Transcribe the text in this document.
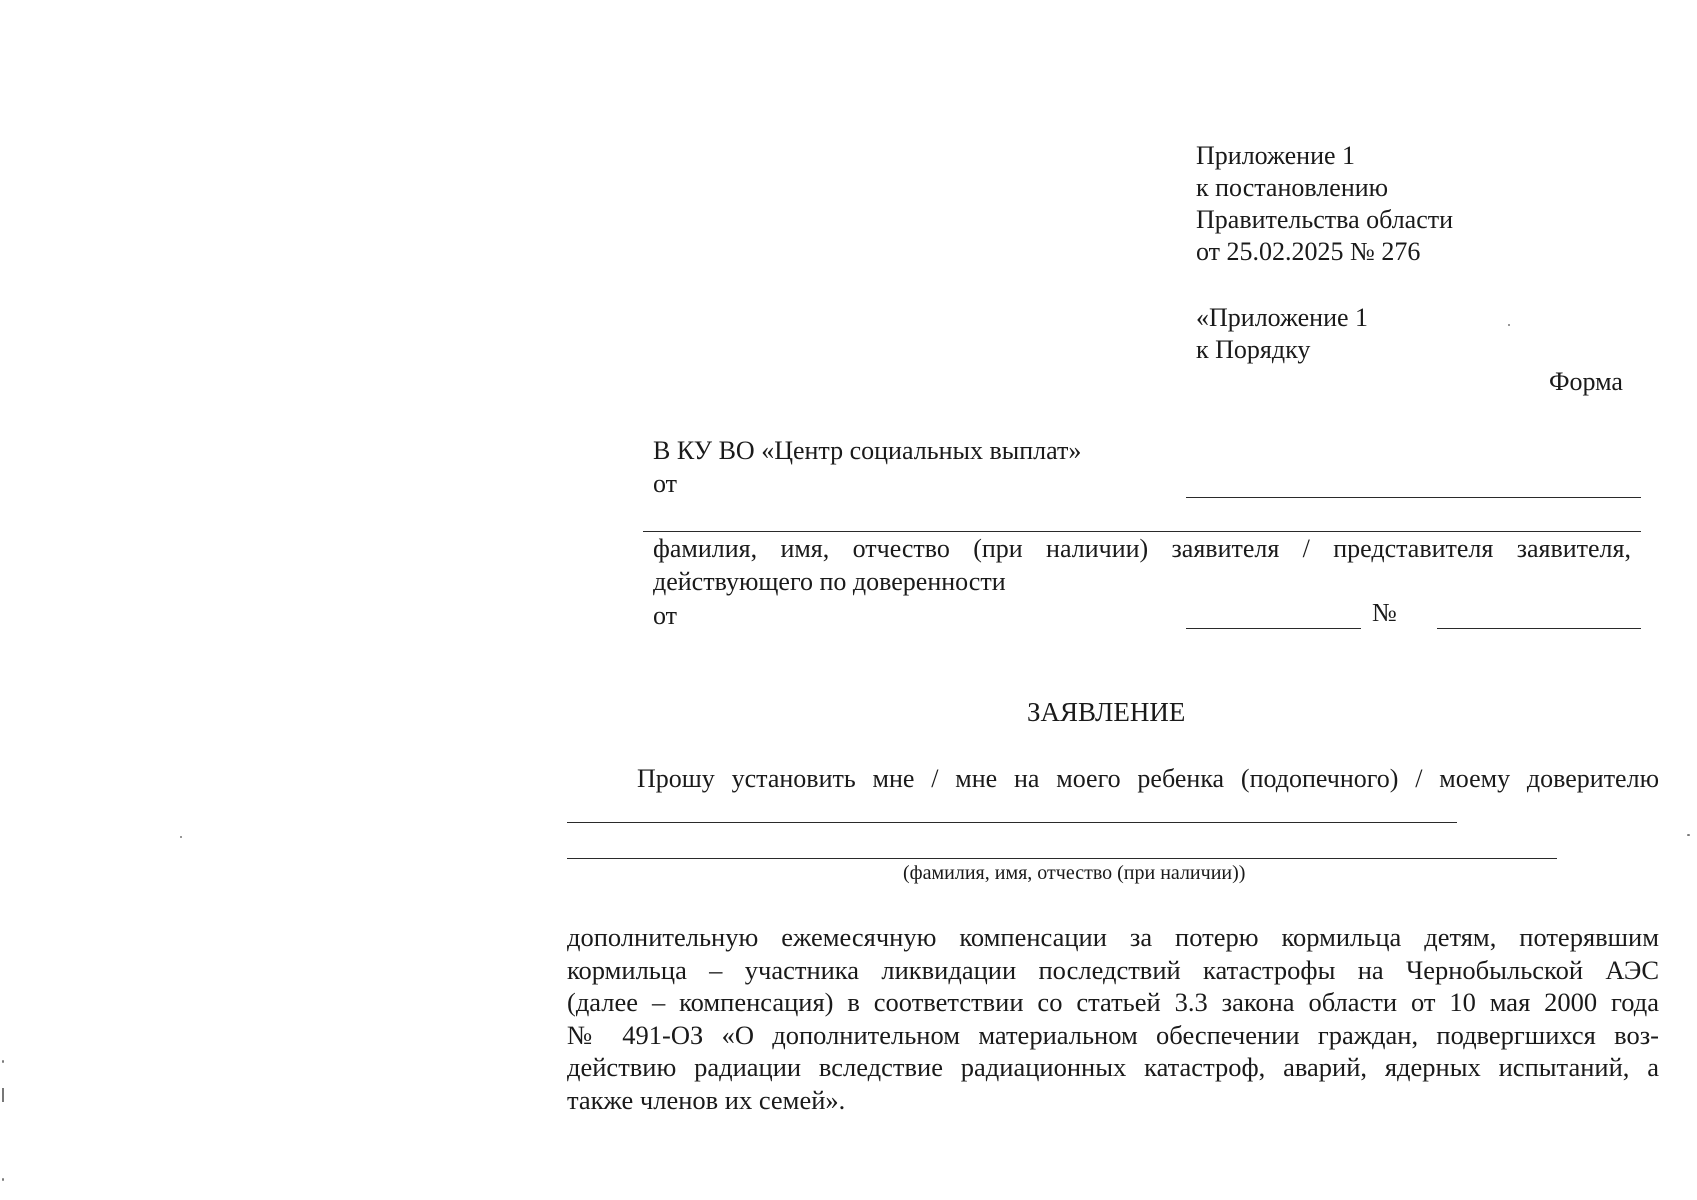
Приложение 1
к постановлению
Правительства области
от 25.02.2025 № 276
«Приложение 1
к Порядку
Форма
В КУ ВО «Центр социальных выплат»
от
фамилия, имя, отчество (при наличии) заявителя / представителя заявителя,
действующего по доверенности
от	№
ЗАЯВЛЕНИЕ
Прошу установить мне / мне на моего ребенка (подопечного) / моему доверителю
(фамилия, имя, отчество (при наличии))
дополнительную ежемесячную компенсации за потерю кормильца детям, потерявшим
кормильца – участника ликвидации последствий катастрофы на Чернобыльской АЭС
(далее – компенсация) в соответствии со статьей 3.3 закона области от 10 мая 2000 года
№ 491-ОЗ «О дополнительном материальном обеспечении граждан, подвергшихся воз-
действию радиации вследствие радиационных катастроф, аварий, ядерных испытаний, а
также членов их семей».
